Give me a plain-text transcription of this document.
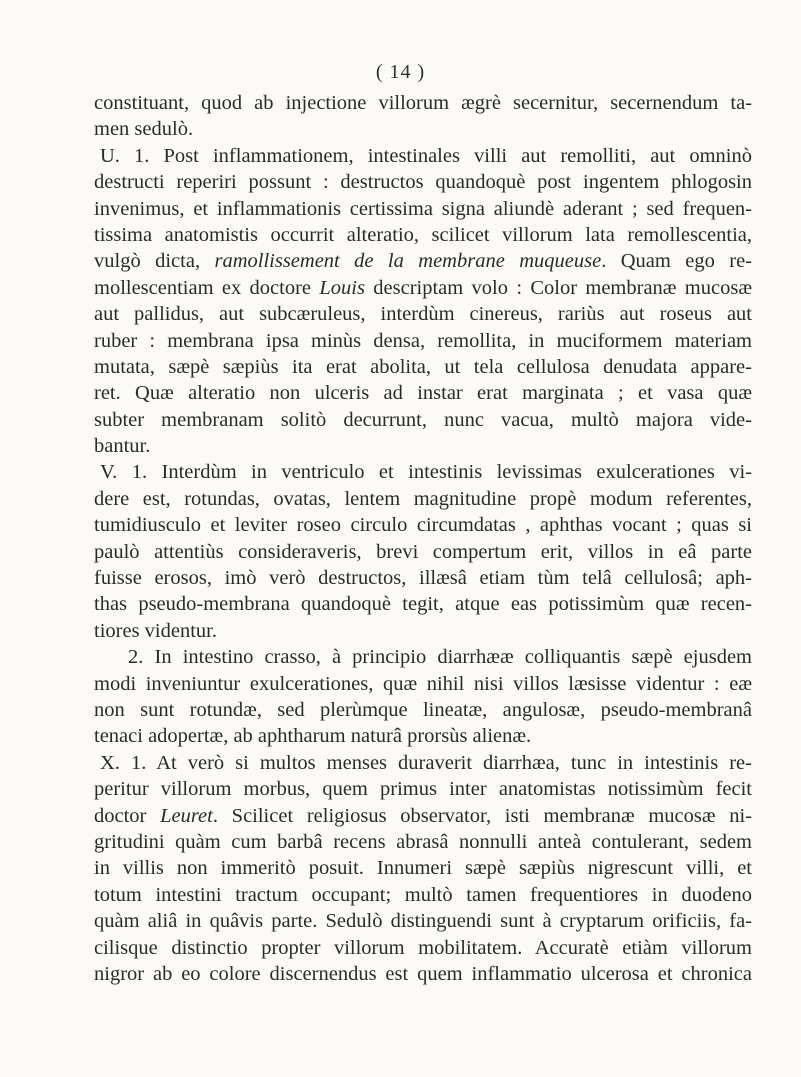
( 14 )
constituant, quod ab injectione villorum ægrè secernitur, secernendum ta-
men sedulò.
U. 1. Post inflammationem, intestinales villi aut remolliti, aut omninò
destructi reperiri possunt : destructos quandoquè post ingentem phlogosin
invenimus, et inflammationis certissima signa aliundè aderant ; sed frequen-
tissima anatomistis occurrit alteratio, scilicet villorum lata remollescentia,
vulgò dicta, ramollissement de la membrane muqueuse. Quam ego re-
mollescentiam ex doctore Louis descriptam volo : Color membranæ mucosæ
aut pallidus, aut subcæruleus, interdùm cinereus, rariùs aut roseus aut
ruber : membrana ipsa minùs densa, remollita, in muciformem materiam
mutata, sæpè sæpiùs ita erat abolita, ut tela cellulosa denudata appare-
ret. Quæ alteratio non ulceris ad instar erat marginata ; et vasa quæ
subter membranam solitò decurrunt, nunc vacua, multò majora vide-
bantur.
V. 1. Interdùm in ventriculo et intestinis levissimas exulcerationes vi-
dere est, rotundas, ovatas, lentem magnitudine propè modum referentes,
tumidiusculo et leviter roseo circulo circumdatas , aphthas vocant ; quas si
paulò attentiùs consideraveris, brevi compertum erit, villos in eâ parte
fuisse erosos, imò verò destructos, illæsâ etiam tùm telâ cellulosâ; aph-
thas pseudo-membrana quandoquè tegit, atque eas potissimùm quæ recen-
tiores videntur.
2. In intestino crasso, à principio diarrhææ colliquantis sæpè ejusdem
modi inveniuntur exulcerationes, quæ nihil nisi villos læsisse videntur : eæ
non sunt rotundæ, sed plerùmque lineatæ, angulosæ, pseudo-membranâ
tenaci adopertæ, ab aphtharum naturâ prorsùs alienæ.
X. 1. At verò si multos menses duraverit diarrhæa, tunc in intestinis re-
peritur villorum morbus, quem primus inter anatomistas notissimùm fecit
doctor Leuret. Scilicet religiosus observator, isti membranæ mucosæ ni-
gritudini quàm cum barbâ recens abrasâ nonnulli anteà contulerant, sedem
in villis non immeritò posuit. Innumeri sæpè sæpiùs nigrescunt villi, et
totum intestini tractum occupant; multò tamen frequentiores in duodeno
quàm aliâ in quâvis parte. Sedulò distinguendi sunt à cryptarum orificiis, fa-
cilisque distinctio propter villorum mobilitatem. Accuratè etiàm villorum
nigror ab eo colore discernendus est quem inflammatio ulcerosa et chronica
